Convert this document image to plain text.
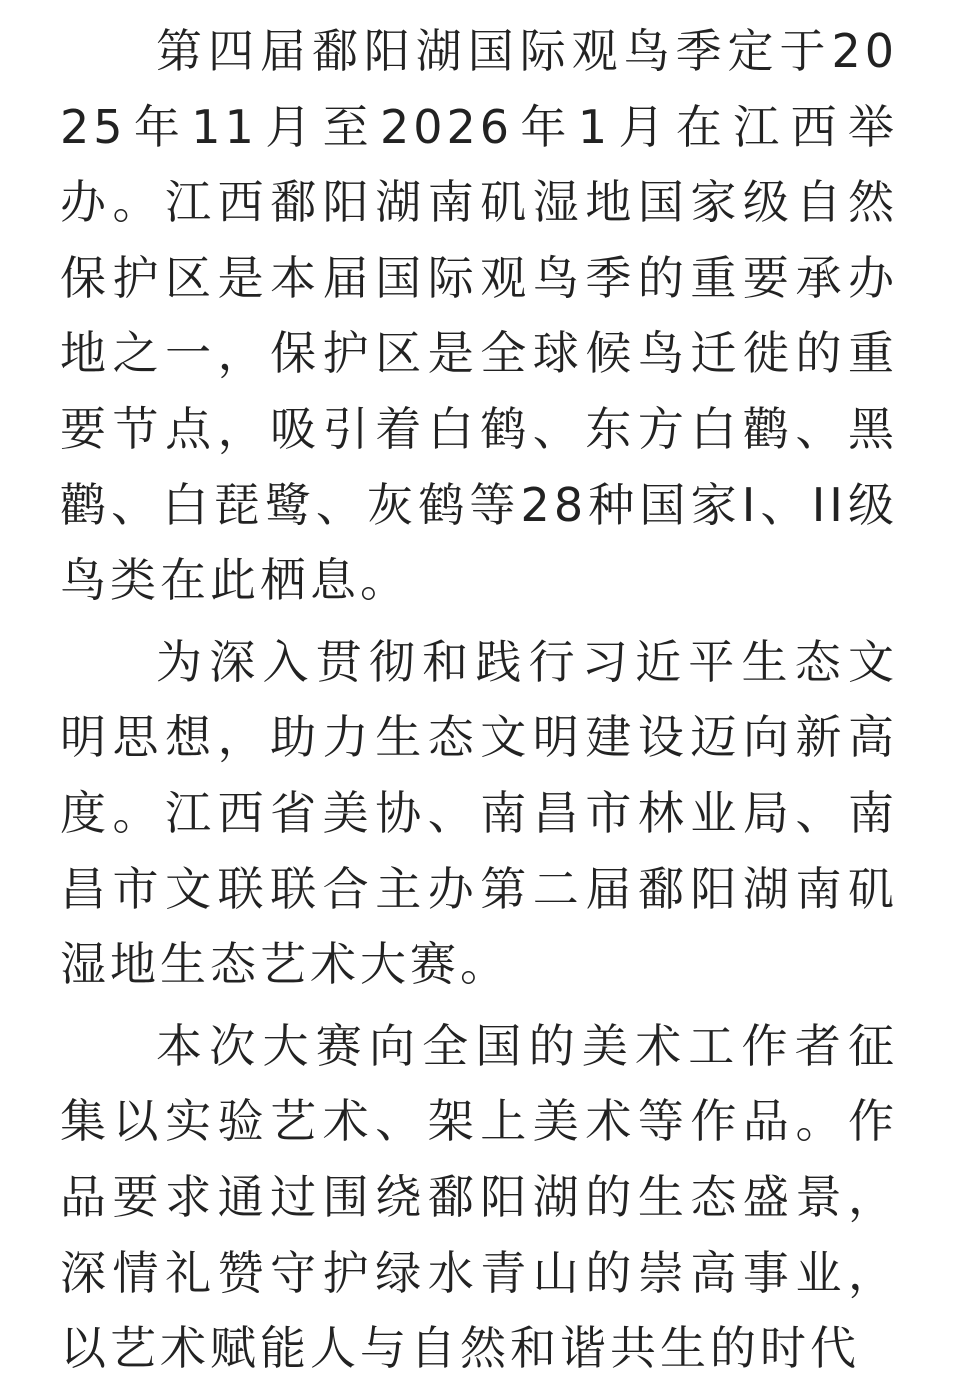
第四届鄱阳湖国际观鸟季定于2025年11月至2026年1月在江西举办。江西鄱阳湖南矶湿地国家级自然保护区是本届国际观鸟季的重要承办地之一，保护区是全球候鸟迁徙的重要节点，吸引着白鹤、东方白鹳、黑鹳、白琵鹭、灰鹤等28种国家I、II级鸟类在此栖息。

为深入贯彻和践行习近平生态文明思想，助力生态文明建设迈向新高度。江西省美协、南昌市林业局、南昌市文联联合主办第二届鄱阳湖南矶湿地生态艺术大赛。

本次大赛向全国的美术工作者征集以实验艺术、架上美术等作品。作品要求通过围绕鄱阳湖的生态盛景，深情礼赞守护绿水青山的崇高事业，以艺术赋能人与自然和谐共生的时代
